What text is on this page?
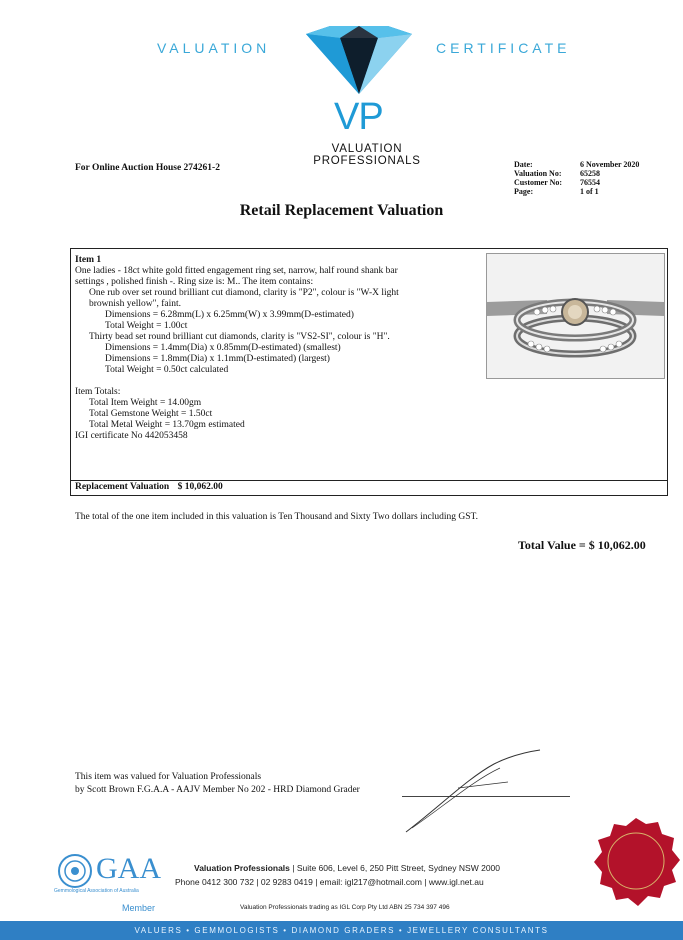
VALUATION	CERTIFICATE
VP
VALUATION
PROFESSIONALS
For Online Auction House 274261-2	Date:
Valuation No:
Customer No:
Page:
6 November 2020
65258
76554
1 of 1
Retail Replacement Valuation
Item 1
One ladies - 18ct white gold fitted engagement ring set, narrow, half round shank bar
settings , polished finish -. Ring size is: M.. The item contains:
One rub over set round brilliant cut diamond, clarity is "P2", colour is "W-X light
brownish yellow", faint.
Dimensions = 6.28mm(L) x 6.25mm(W) x 3.99mm(D-estimated)
Total Weight = 1.00ct
Thirty bead set round brilliant cut diamonds, clarity is "VS2-SI", colour is "H".
Dimensions = 1.4mm(Dia) x 0.85mm(D-estimated) (smallest)
Dimensions = 1.8mm(Dia) x 1.1mm(D-estimated) (largest)
Total Weight = 0.50ct calculated
Item Totals:
Total Item Weight = 14.00gm
Total Gemstone Weight = 1.50ct
Total Metal Weight = 13.70gm estimated
IGI certificate No 442053458
Replacement Valuation $ 10,062.00
The total of the one item included in this valuation is Ten Thousand and Sixty Two dollars including GST.
Total Value = $ 10,062.00
This item was valued for Valuation Professionals
by Scott Brown F.G.A.A - AAJV Member No 202 - HRD Diamond Grader
GAA
Gemmological Association of Australia
Member
Valuation Professionals | Suite 606, Level 6, 250 Pitt Street, Sydney NSW 2000
Phone 0412 300 732 | 02 9283 0419 | email: igl217@hotmail.com | www.igl.net.au
Valuation Professionals trading as IGL Corp Pty Ltd ABN 25 734 397 496
VALUERS • GEMMOLOGISTS • DIAMOND GRADERS • JEWELLERY CONSULTANTS
